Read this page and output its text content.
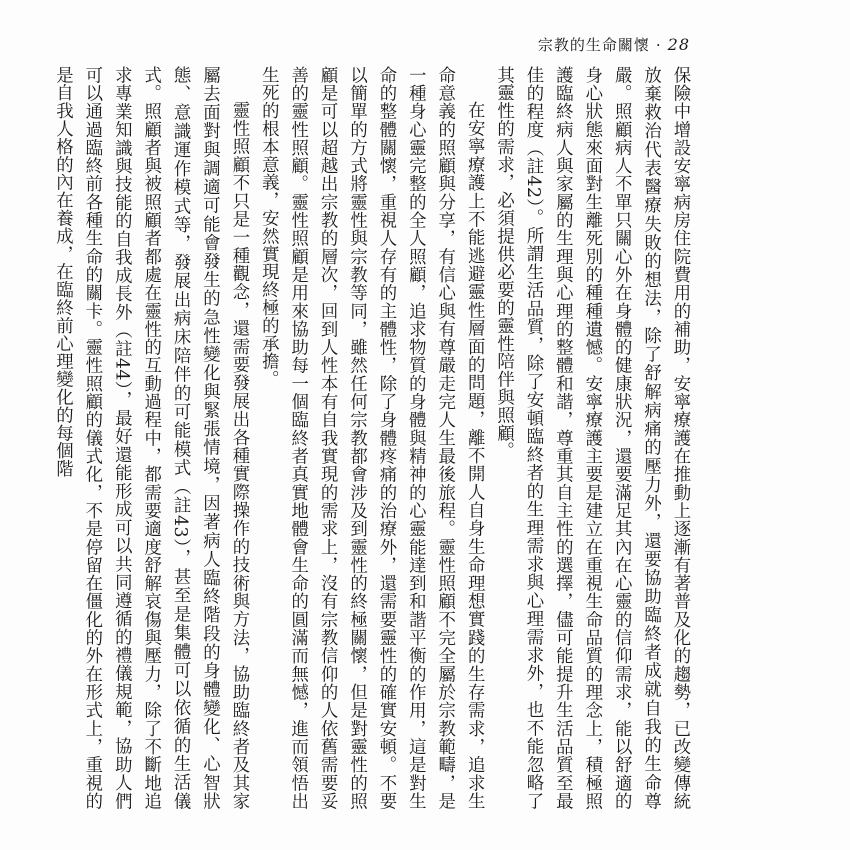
宗教的生命關懷 · 28

保險中增設安寧病房住院費用的補助，安寧療護在推動上逐漸有著普及化的趨勢，已改變傳統放棄救治代表醫療失敗的想法，除了舒解病痛的壓力外，還要協助臨終者成就自我的生命尊嚴。照顧病人不單只關心外在身體的健康狀況，還要滿足其內在心靈的信仰需求，能以舒適的身心狀態來面對生離死別的種種遺憾。安寧療護主要是建立在重視生命品質的理念上，積極照護臨終病人與家屬的生理與心理的整體和諧，尊重其自主性的選擇，儘可能提升生活品質至最佳的程度（註42）。所謂生活品質，除了安頓臨終者的生理需求與心理需求外，也不能忽略了其靈性的需求，必須提供必要的靈性陪伴與照顧。

在安寧療護上不能逃避靈性層面的問題，離不開人自身生命理想實踐的生存需求，追求生命意義的照顧與分享，有信心與有尊嚴走完人生最後旅程。靈性照顧不完全屬於宗教範疇，是一種身心靈完整的全人照顧，追求物質的身體與精神的心靈能達到和諧平衡的作用，這是對生命的整體關懷，重視人存有的主體性，除了身體疼痛的治療外，還需要靈性的確實安頓。不要以簡單的方式將靈性與宗教等同，雖然任何宗教都會涉及到靈性的終極關懷，但是對靈性的照顧是可以超越出宗教的層次，回到人性本有自我實現的需求上，沒有宗教信仰的人依舊需要妥善的靈性照顧。靈性照顧是用來協助每一個臨終者真實地體會生命的圓滿而無憾，進而領悟出生死的根本意義，安然實現終極的承擔。

靈性照顧不只是一種觀念，還需要發展出各種實際操作的技術與方法，協助臨終者及其家屬去面對與調適可能會發生的急性變化與緊張情境，因著病人臨終階段的身體變化、心智狀態、意識運作模式等，發展出病床陪伴的可能模式（註43），甚至是集體可以依循的生活儀式。照顧者與被照顧者都處在靈性的互動過程中，都需要適度舒解哀傷與壓力，除了不斷地追求專業知識與技能的自我成長外（註44），最好還能形成可以共同遵循的禮儀規範，協助人們可以通過臨終前各種生命的關卡。靈性照顧的儀式化，不是停留在僵化的外在形式上，重視的是自我人格的內在養成，在臨終前心理變化的每個階
